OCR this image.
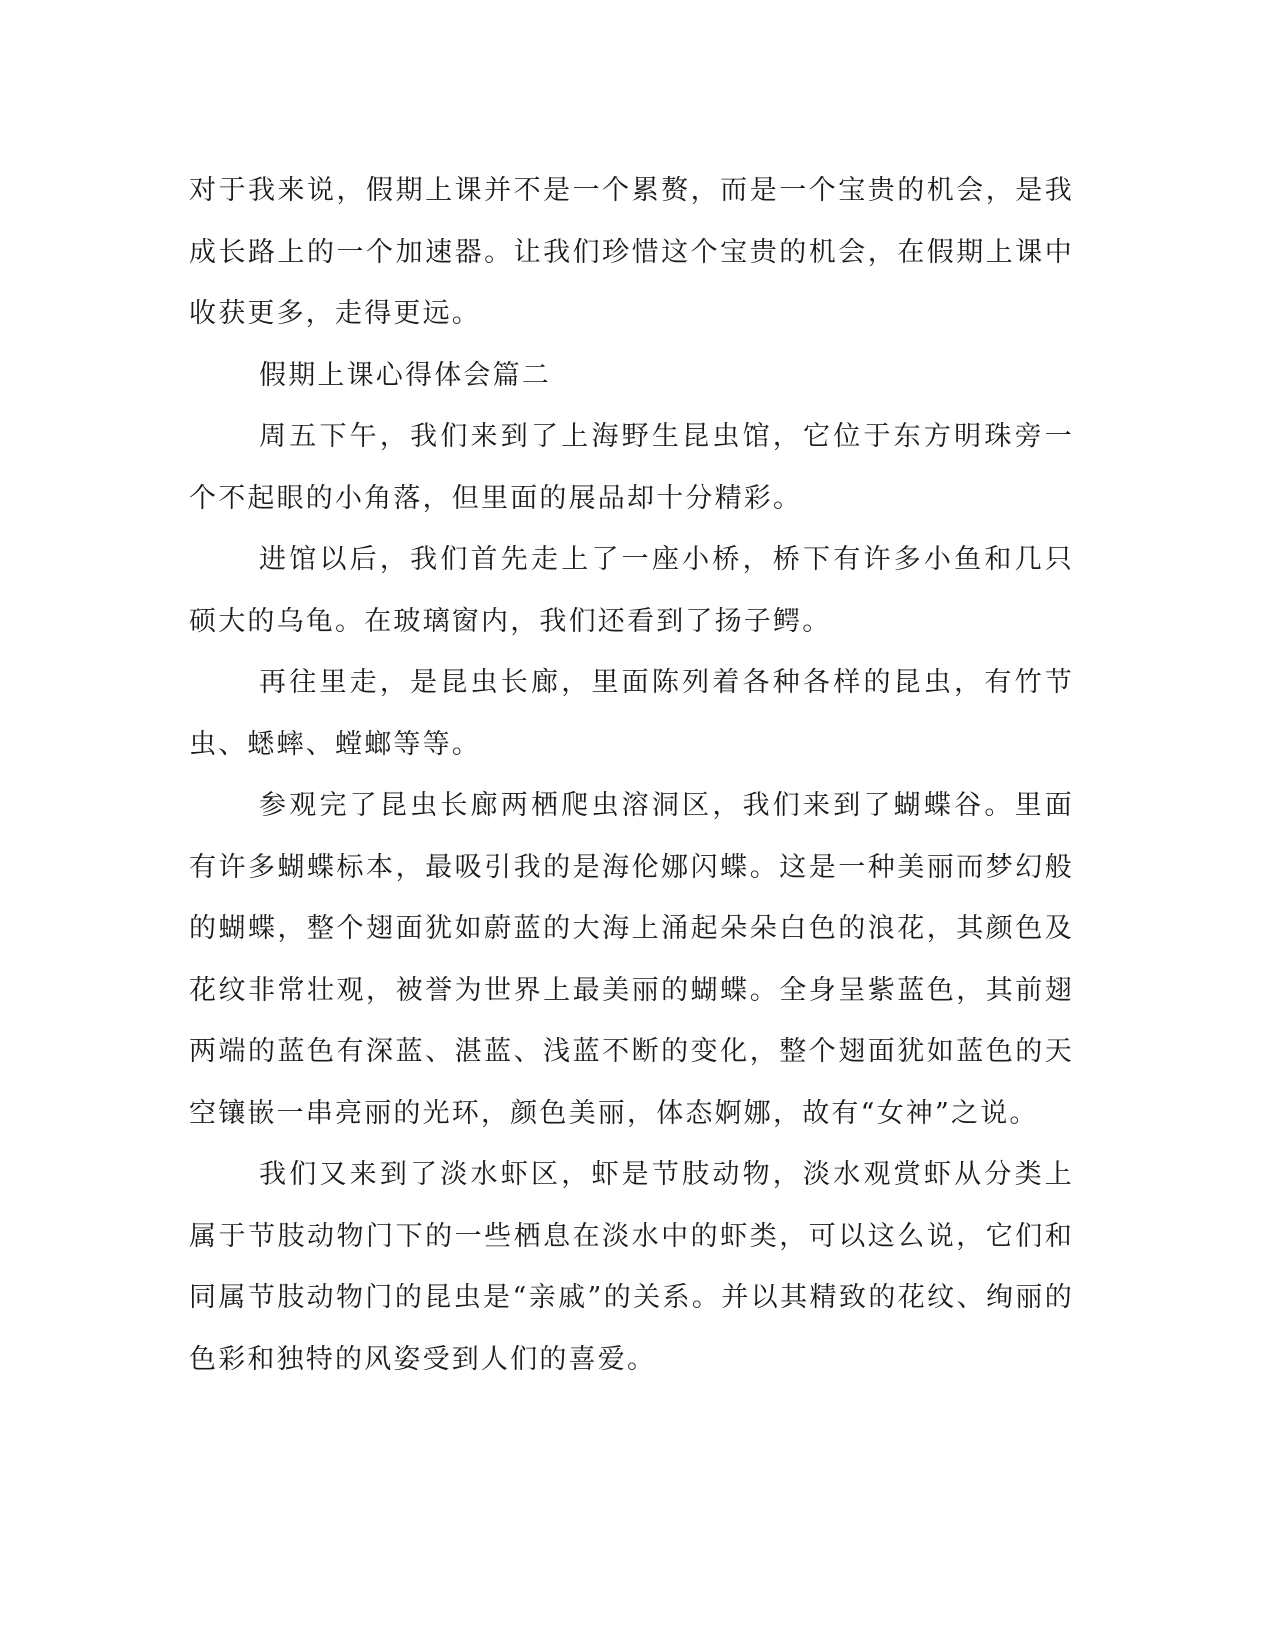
对于我来说，假期上课并不是一个累赘，而是一个宝贵的机会，是我成长路上的一个加速器。让我们珍惜这个宝贵的机会，在假期上课中收获更多，走得更远。

假期上课心得体会篇二

周五下午，我们来到了上海野生昆虫馆，它位于东方明珠旁一个不起眼的小角落，但里面的展品却十分精彩。

进馆以后，我们首先走上了一座小桥，桥下有许多小鱼和几只硕大的乌龟。在玻璃窗内，我们还看到了扬子鳄。

再往里走，是昆虫长廊，里面陈列着各种各样的昆虫，有竹节虫、蟋蟀、螳螂等等。

参观完了昆虫长廊两栖爬虫溶洞区，我们来到了蝴蝶谷。里面有许多蝴蝶标本，最吸引我的是海伦娜闪蝶。这是一种美丽而梦幻般的蝴蝶，整个翅面犹如蔚蓝的大海上涌起朵朵白色的浪花，其颜色及花纹非常壮观，被誉为世界上最美丽的蝴蝶。全身呈紫蓝色，其前翅两端的蓝色有深蓝、湛蓝、浅蓝不断的变化，整个翅面犹如蓝色的天空镶嵌一串亮丽的光环，颜色美丽，体态婀娜，故有“女神”之说。

我们又来到了淡水虾区，虾是节肢动物，淡水观赏虾从分类上属于节肢动物门下的一些栖息在淡水中的虾类，可以这么说，它们和同属节肢动物门的昆虫是“亲戚”的关系。并以其精致的花纹、绚丽的色彩和独特的风姿受到人们的喜爱。
